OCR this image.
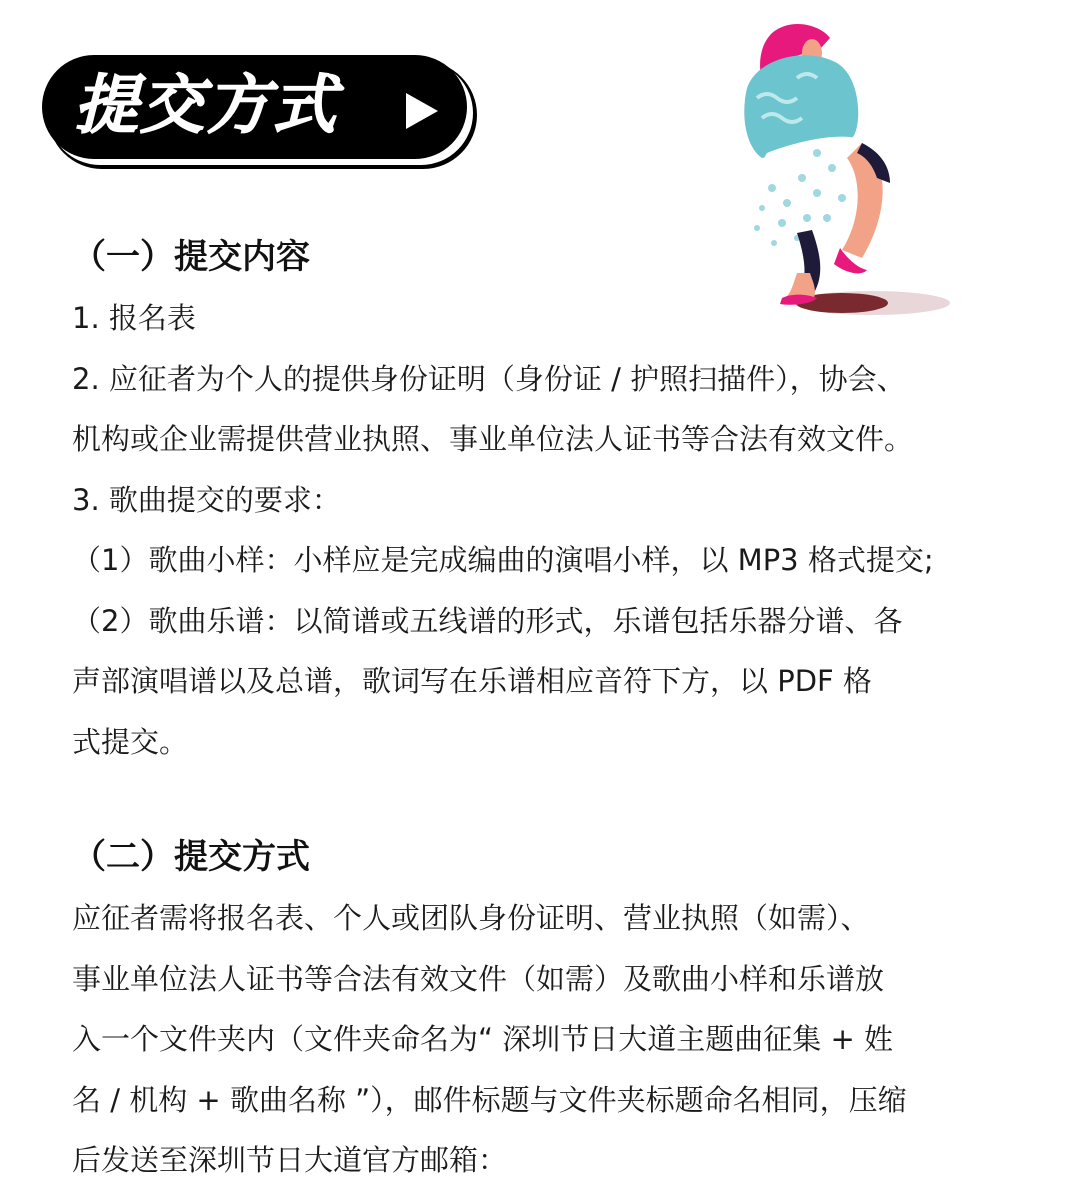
提交方式
（一）提交内容

1. 报名表

2. 应征者为个人的提供身份证明（身份证 / 护照扫描件），协会、

机构或企业需提供营业执照、事业单位法人证书等合法有效文件。

3. 歌曲提交的要求：

（1）歌曲小样：小样应是完成编曲的演唱小样，以 MP3 格式提交;

（2）歌曲乐谱：以简谱或五线谱的形式，乐谱包括乐器分谱、各

声部演唱谱以及总谱，歌词写在乐谱相应音符下方，以 PDF 格

式提交。

（二）提交方式

应征者需将报名表、个人或团队身份证明、营业执照（如需）、

事业单位法人证书等合法有效文件（如需）及歌曲小样和乐谱放

入一个文件夹内（文件夹命名为“ 深圳节日大道主题曲征集 + 姓

名 / 机构 + 歌曲名称 ”），邮件标题与文件夹标题命名相同，压缩

后发送至深圳节日大道官方邮箱：
